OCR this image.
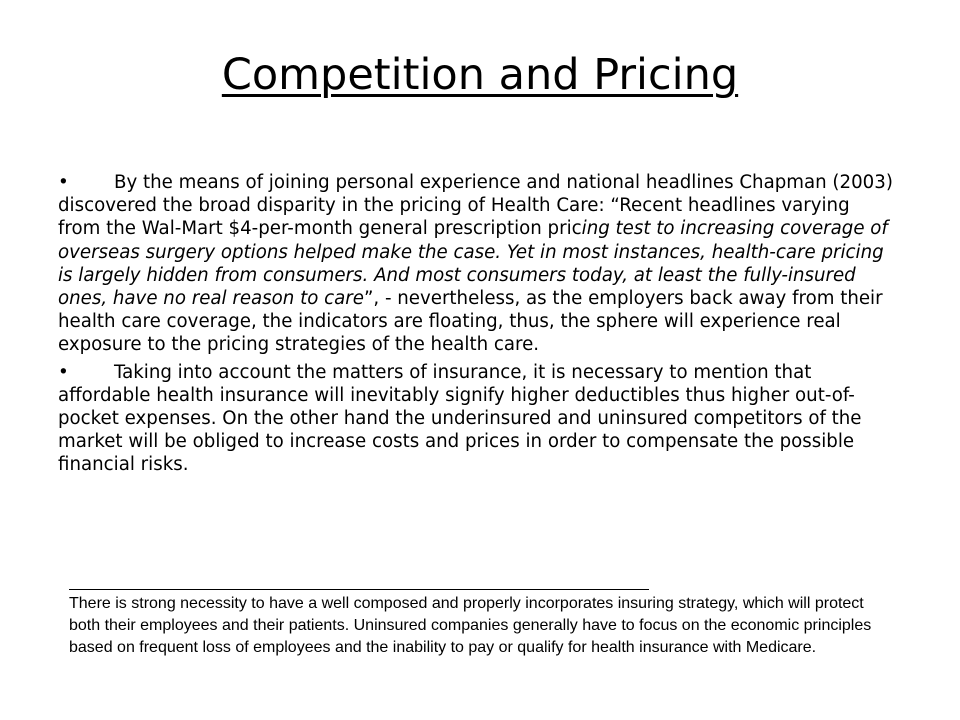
Competition and Pricing

• By the means of joining personal experience and national headlines Chapman (2003) discovered the broad disparity in the pricing of Health Care: “Recent headlines varying from the Wal-Mart $4-per-month general prescription pricing test to increasing coverage of overseas surgery options helped make the case. Yet in most instances, health-care pricing is largely hidden from consumers. And most consumers today, at least the fully-insured ones, have no real reason to care”, - nevertheless, as the employers back away from their health care coverage, the indicators are floating, thus, the sphere will experience real exposure to the pricing strategies of the health care.

• Taking into account the matters of insurance, it is necessary to mention that affordable health insurance will inevitably signify higher deductibles thus higher out-of-pocket expenses. On the other hand the underinsured and uninsured competitors of the market will be obliged to increase costs and prices in order to compensate the possible financial risks.

There is strong necessity to have a well composed and properly incorporates insuring strategy, which will protect both their employees and their patients. Uninsured companies generally have to focus on the economic principles based on frequent loss of employees and the inability to pay or qualify for health insurance with Medicare.
